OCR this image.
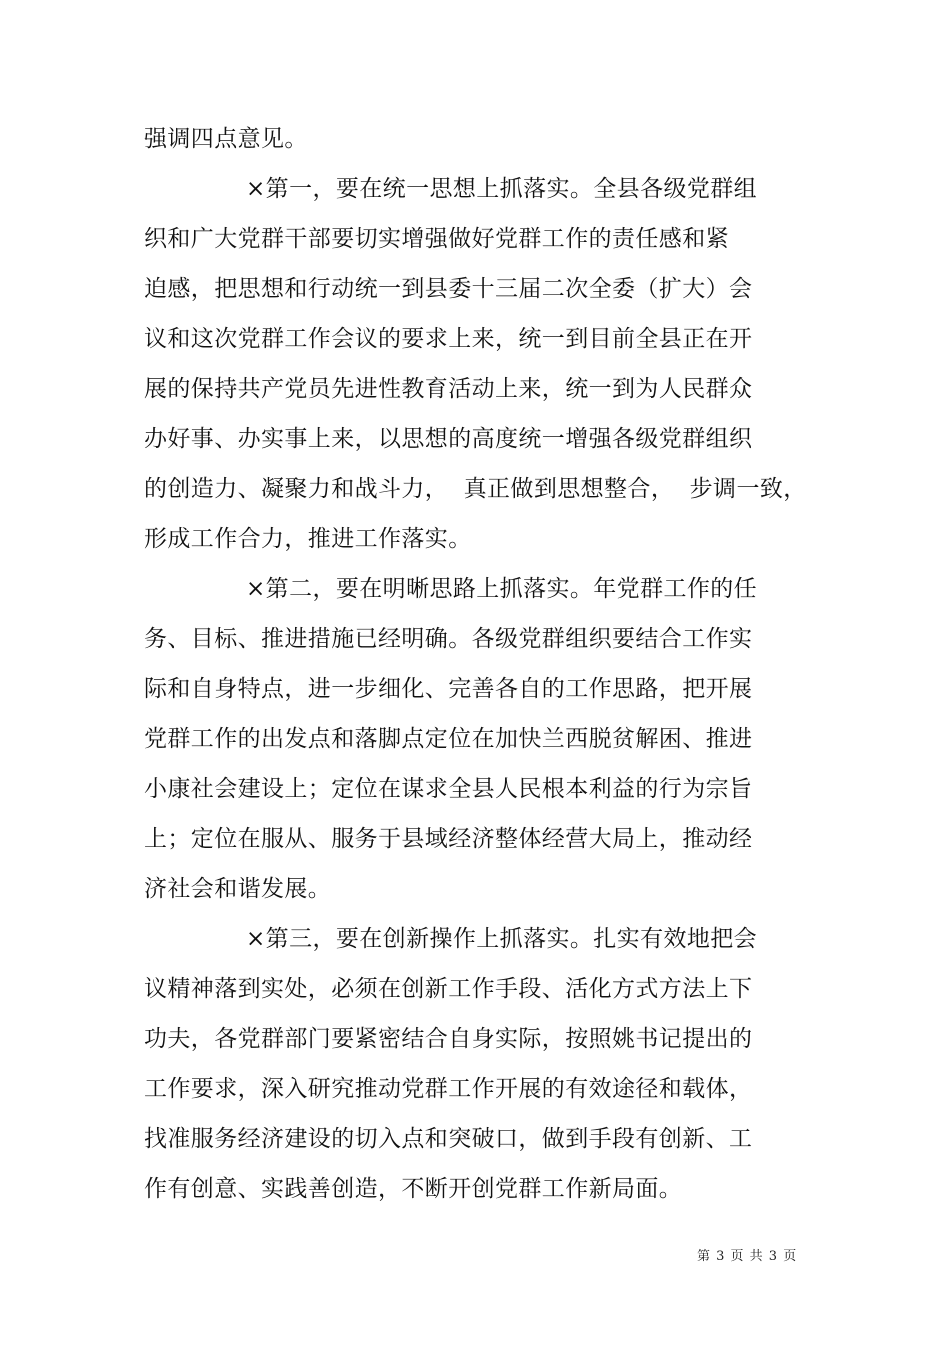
强调四点意见。
×第一，要在统一思想上抓落实。全县各级党群组
织和广大党群干部要切实增强做好党群工作的责任感和紧
迫感，把思想和行动统一到县委十三届二次全委（扩大）会
议和这次党群工作会议的要求上来，统一到目前全县正在开
展的保持共产党员先进性教育活动上来，统一到为人民群众
办好事、办实事上来，以思想的高度统一增强各级党群组织
的创造力、凝聚力和战斗力，  真正做到思想整合，  步调一致，
形成工作合力，推进工作落实。
×第二，要在明晰思路上抓落实。年党群工作的任
务、目标、推进措施已经明确。各级党群组织要结合工作实
际和自身特点，进一步细化、完善各自的工作思路，把开展
党群工作的出发点和落脚点定位在加快兰西脱贫解困、推进
小康社会建设上；定位在谋求全县人民根本利益的行为宗旨
上；定位在服从、服务于县域经济整体经营大局上，推动经
济社会和谐发展。
×第三，要在创新操作上抓落实。扎实有效地把会
议精神落到实处，必须在创新工作手段、活化方式方法上下
功夫，各党群部门要紧密结合自身实际，按照姚书记提出的
工作要求，深入研究推动党群工作开展的有效途径和载体，
找准服务经济建设的切入点和突破口，做到手段有创新、工
作有创意、实践善创造，不断开创党群工作新局面。
第 3 页 共 3 页
